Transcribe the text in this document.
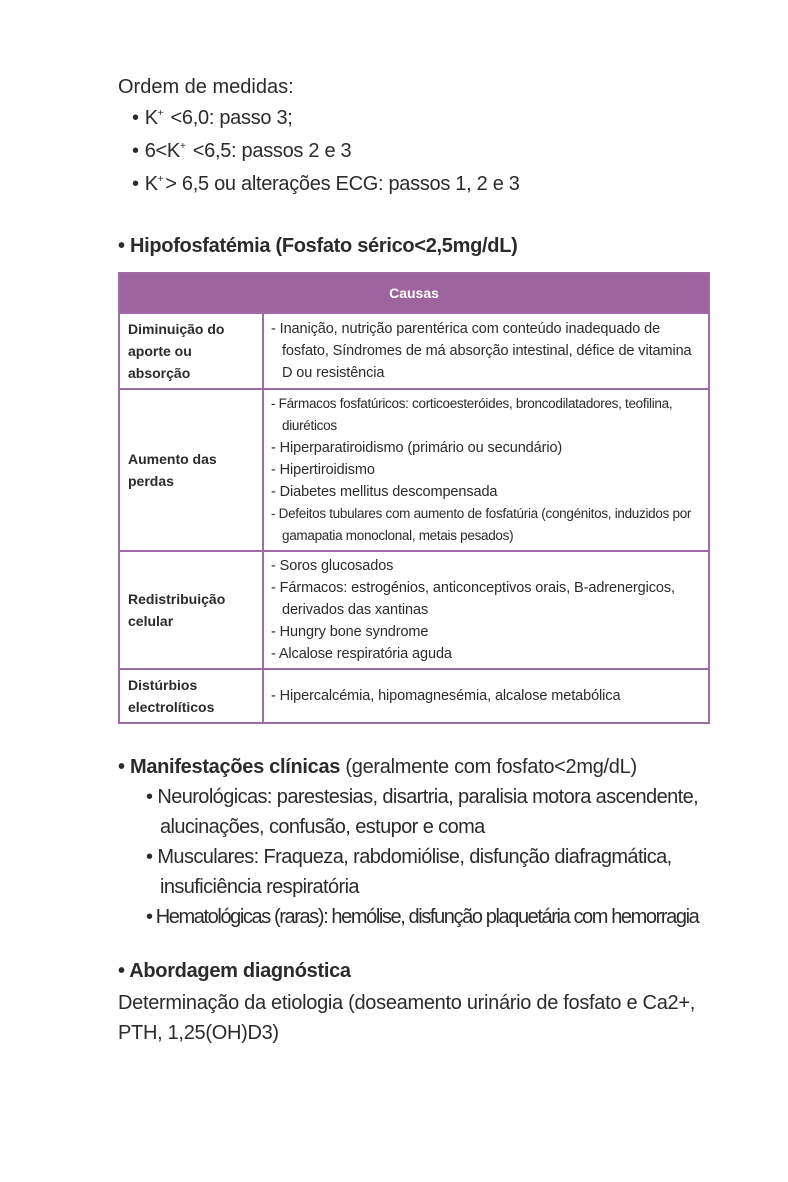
Ordem de medidas:

• K+ <6,0: passo 3;
• 6<K+ <6,5: passos 2 e 3
• K+ > 6,5 ou alterações ECG: passos 1, 2 e 3
• Hipofosfatémia (Fosfato sérico<2,5mg/dL)
Causas	
Diminuição do aporte ou absorção	- Inanição, nutrição parentérica com conteúdo inadequado de fosfato, Síndromes de má absorção intestinal, défice de vitamina D ou resistência

Aumento das perdas	- Fármacos fosfatúricos: corticoesteróides, broncodilatadores, teofilina, diuréticos
- Hiperparatiroidismo (primário ou secundário)
- Hipertiroidismo
- Diabetes mellitus descompensada
- Defeitos tubulares com aumento de fosfatúria (congénitos, induzidos por gamapatia monoclonal, metais pesados)

Redistribuição celular	- Soros glucosados
- Fármacos: estrogénios, anticonceptivos orais, B-adrenergicos, derivados das xantinas
- Hungry bone syndrome
- Alcalose respiratória aguda

Distúrbios electrolíticos	- Hipercalcémia, hipomagnesémia, alcalose metabólica
• Manifestações clínicas (geralmente com fosfato<2mg/dL)
• Neurológicas: parestesias, disartria, paralisia motora ascendente, alucinações, confusão, estupor e coma
• Musculares: Fraqueza, rabdomiólise, disfunção diafragmática, insuficiência respiratória
• Hematológicas (raras): hemólise, disfunção plaquetária com hemorragia
• Abordagem diagnóstica

Determinação da etiologia (doseamento urinário de fosfato e Ca2+, PTH, 1,25(OH)D3)
